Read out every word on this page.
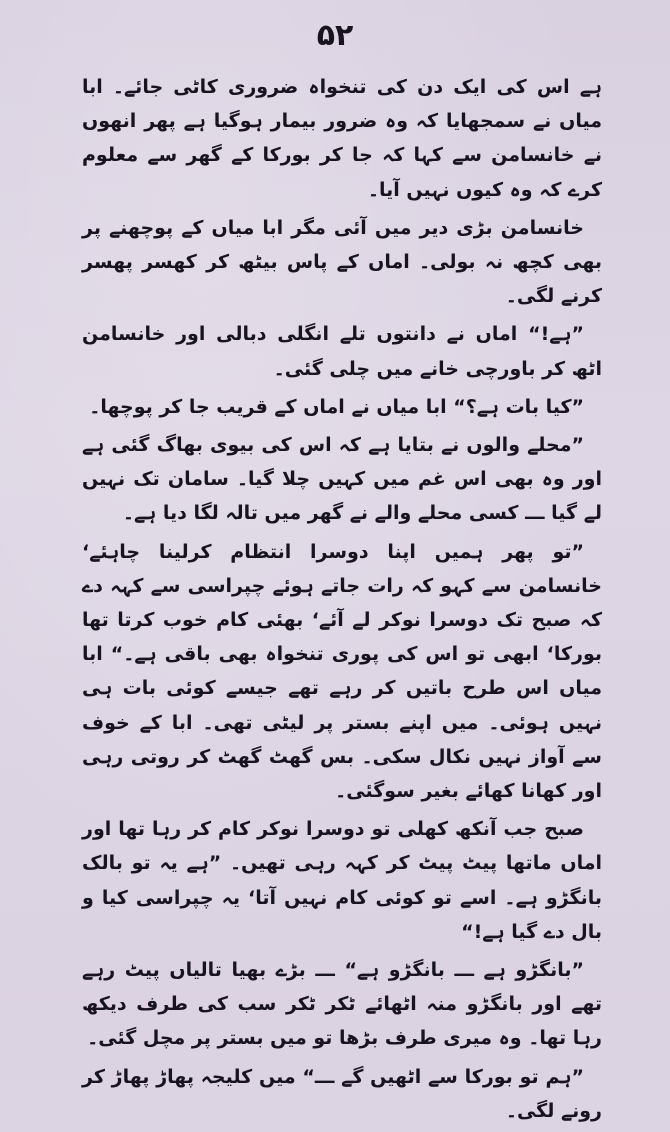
۵۲

ہے اس کی ایک دن کی تنخواہ ضروری کاٹی جائے۔ ابا میاں نے سمجھایا کہ وہ ضرور بیمار ہوگیا ہے پھر انھوں نے خانسامن سے کہا کہ جا کر بورکا کے گھر سے معلوم کرے کہ وہ کیوں نہیں آیا۔

خانسامن بڑی دیر میں آئی مگر ابا میاں کے پوچھنے پر بھی کچھ نہ بولی۔ اماں کے پاس بیٹھ کر کھسر پھسر کرنے لگی۔

”ہے!“ اماں نے دانتوں تلے انگلی دبالی اور خانسامن اٹھ کر باورچی خانے میں چلی گئی۔

”کیا بات ہے؟“ ابا میاں نے اماں کے قریب جا کر پوچھا۔

”محلے والوں نے بتایا ہے کہ اس کی بیوی بھاگ گئی ہے اور وہ بھی اس غم میں کہیں چلا گیا۔ سامان تک نہیں لے گیا ـــ کسی محلے والے نے گھر میں تالہ لگا دیا ہے۔

”تو پھر ہمیں اپنا دوسرا انتظام کرلینا چاہئے‘ خانسامن سے کہو کہ رات جاتے ہوئے چپراسی سے کہہ دے کہ صبح تک دوسرا نوکر لے آئے‘ بھئی کام خوب کرتا تھا بورکا‘ ابھی تو اس کی پوری تنخواہ بھی باقی ہے۔“ ابا میاں اس طرح باتیں کر رہے تھے جیسے کوئی بات ہی نہیں ہوئی۔ میں اپنے بستر پر لیٹی تھی۔ ابا کے خوف سے آواز نہیں نکال سکی۔ بس گھٹ گھٹ کر روتی رہی اور کھانا کھائے بغیر سوگئی۔

صبح جب آنکھ کھلی تو دوسرا نوکر کام کر رہا تھا اور اماں ماتھا پیٹ پیٹ کر کہہ رہی تھیں۔ ”ہے یہ تو بالک بانگڑو ہے۔ اسے تو کوئی کام نہیں آتا‘ یہ چپراسی کیا و بال دے گیا ہے!“

”بانگڑو ہے ـــ بانگڑو ہے“ ـــ بڑے بھیا تالیاں پیٹ رہے تھے اور بانگڑو منہ اٹھائے ٹکر ٹکر سب کی طرف دیکھ رہا تھا۔ وہ میری طرف بڑھا تو میں بستر پر مچل گئی۔

”ہم تو بورکا سے اٹھیں گے ـــ“ میں کلیجہ پھاڑ پھاڑ کر رونے لگی۔
